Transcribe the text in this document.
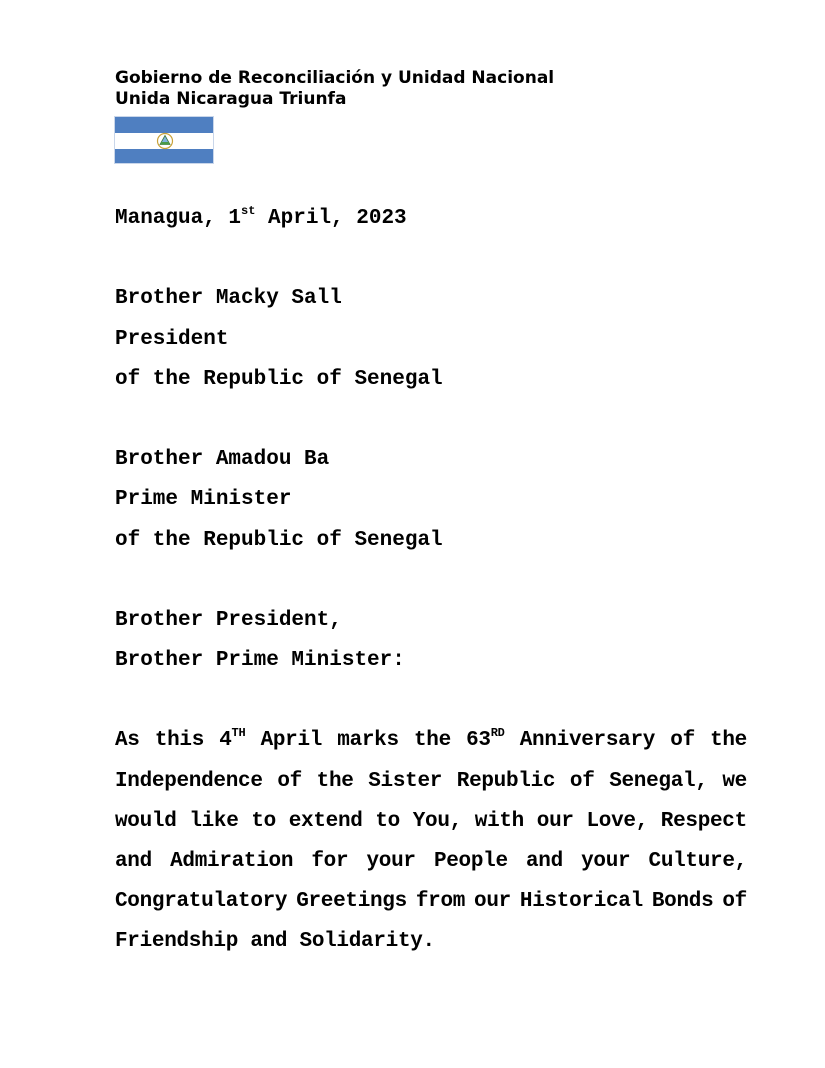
Gobierno de Reconciliación y Unidad Nacional
Unida Nicaragua Triunfa
Managua, 1st April, 2023
Brother Macky Sall
President
of the Republic of Senegal
Brother Amadou Ba
Prime Minister
of the Republic of Senegal
Brother President,
Brother Prime Minister:
As this 4TH April marks the 63RD Anniversary of the
Independence of the Sister Republic of Senegal, we
would like to extend to You, with our Love, Respect
and Admiration for your People and your Culture,
Congratulatory Greetings from our Historical Bonds of
Friendship and Solidarity.
